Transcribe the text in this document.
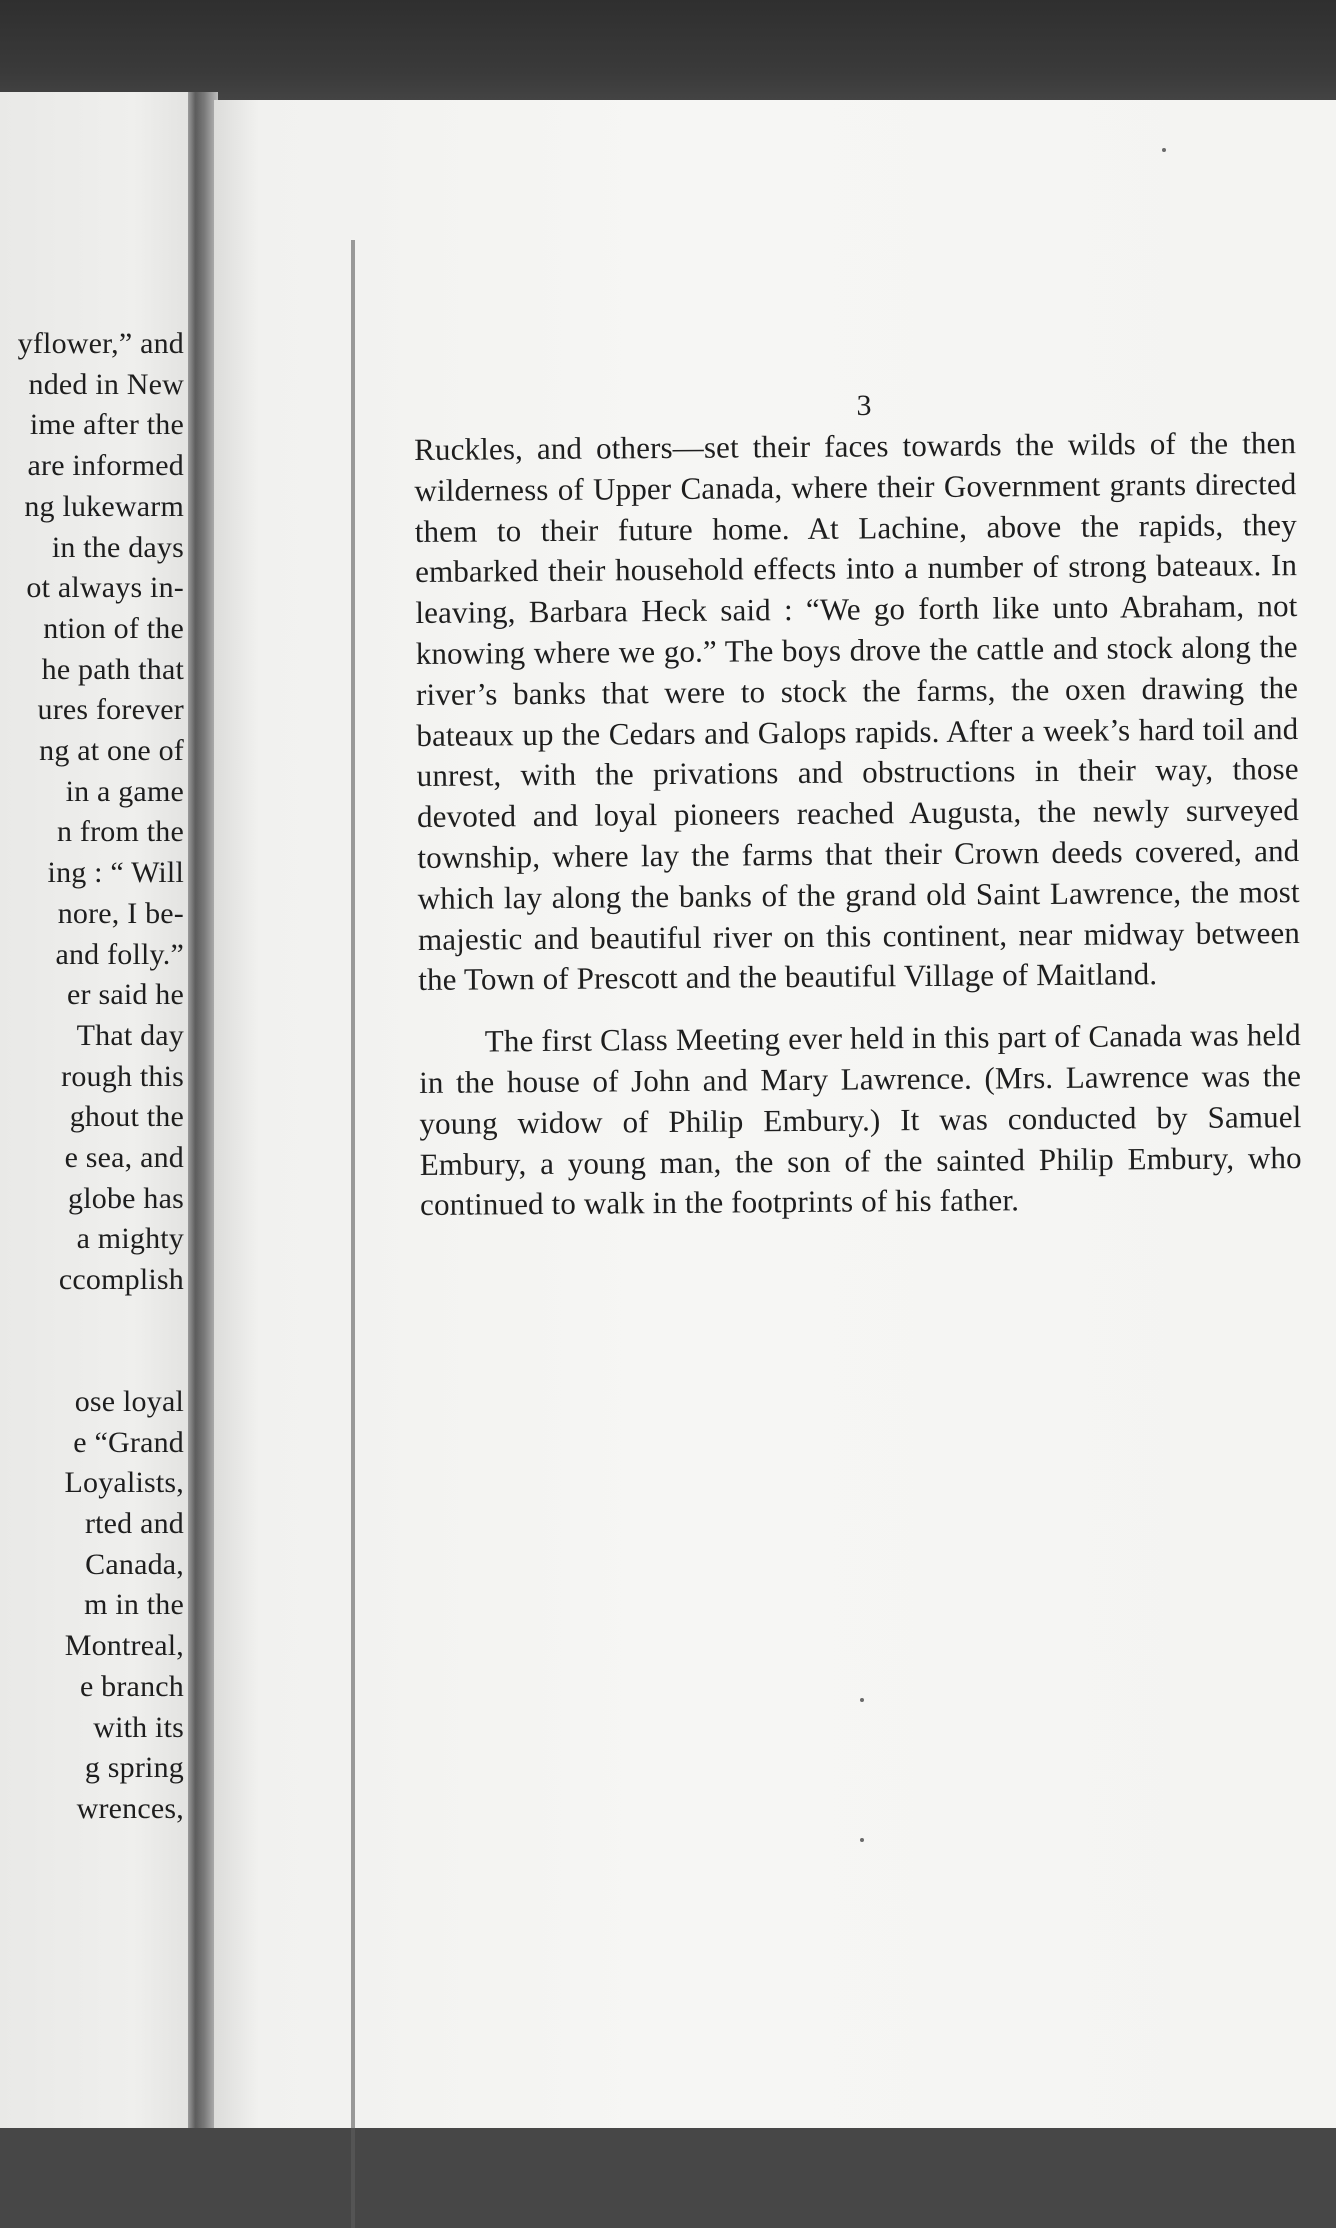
yflower,” and
nded in New
ime after the
are informed
ng lukewarm
in the days
ot always in-
ntion of the
he path that
ures forever
ng at one of
in a game
n from the
ing : “ Will
nore, I be-
and folly.”
er said he
That day
rough this
ghout the
e sea, and
globe has
a mighty
ccomplish
ose loyal
e “Grand
Loyalists,
rted and
Canada,
m in the
Montreal,
e branch
with its
g spring
wrences,
3

Ruckles, and others—set their faces towards the wilds of the then wilderness of Upper Canada, where their Government grants directed them to their future home. At Lachine, above the rapids, they embarked their household effects into a number of strong bateaux. In leaving, Barbara Heck said : “We go forth like unto Abraham, not knowing where we go.” The boys drove the cattle and stock along the river’s banks that were to stock the farms, the oxen drawing the bateaux up the Cedars and Galops rapids. After a week’s hard toil and unrest, with the privations and obstructions in their way, those devoted and loyal pioneers reached Augusta, the newly surveyed township, where lay the farms that their Crown deeds covered, and which lay along the banks of the grand old Saint Lawrence, the most majestic and beautiful river on this continent, near midway between the Town of Prescott and the beautiful Village of Maitland.

The first Class Meeting ever held in this part of Canada was held in the house of John and Mary Lawrence. (Mrs. Lawrence was the young widow of Philip Embury.) It was conducted by Samuel Embury, a young man, the son of the sainted Philip Embury, who continued to walk in the footprints of his father.
